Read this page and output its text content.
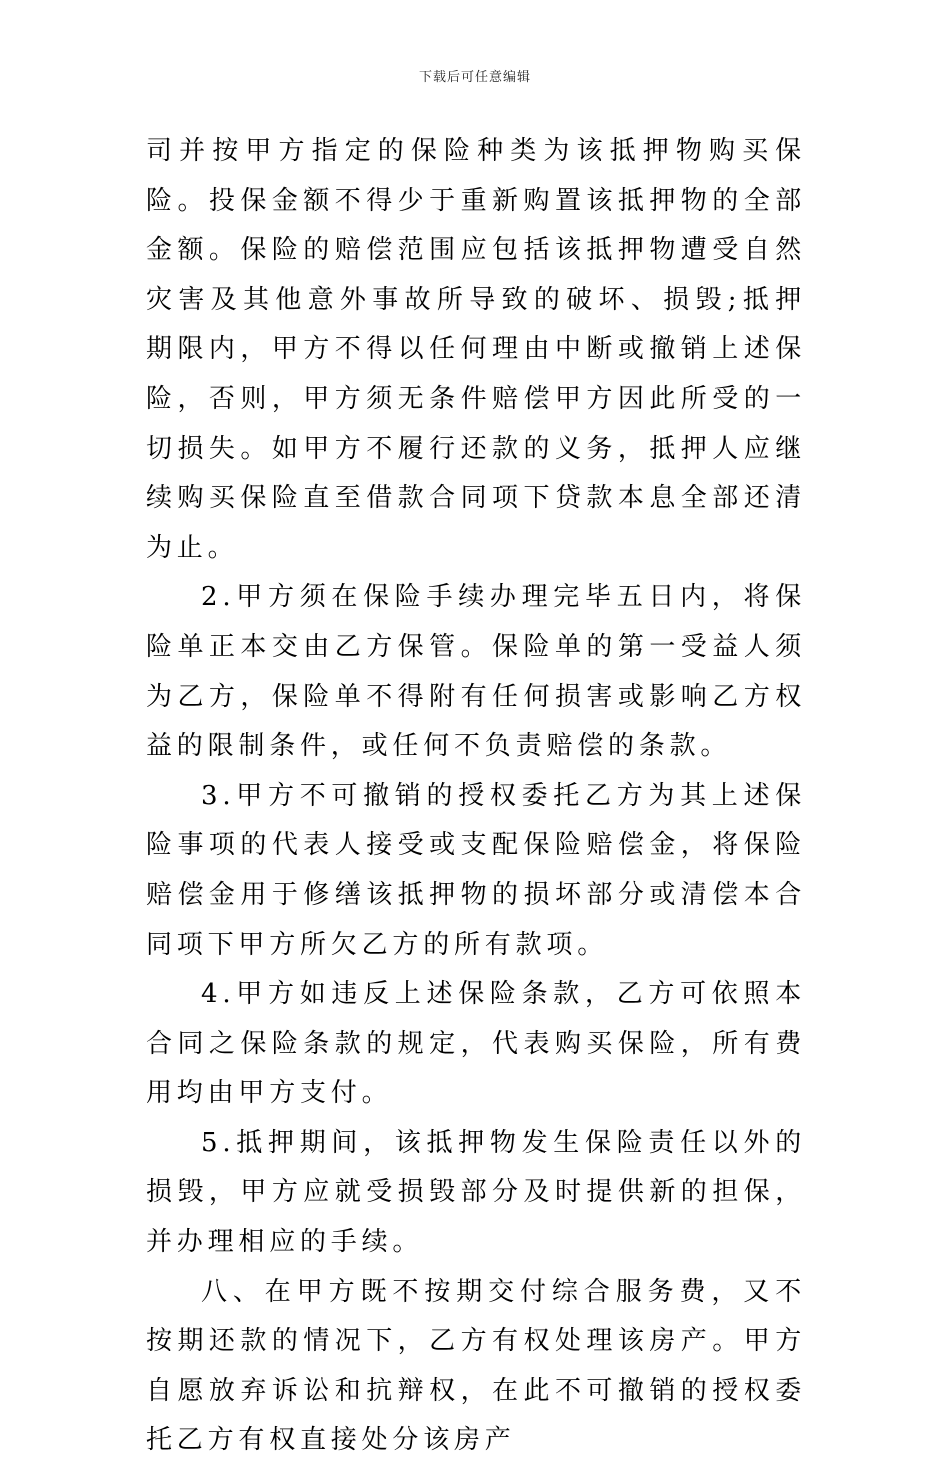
下载后可任意编辑

司并按甲方指定的保险种类为该抵押物购买保险。投保金额不得少于重新购置该抵押物的全部金额。保险的赔偿范围应包括该抵押物遭受自然灾害及其他意外事故所导致的破坏、损毁;抵押期限内，甲方不得以任何理由中断或撤销上述保险，否则，甲方须无条件赔偿甲方因此所受的一切损失。如甲方不履行还款的义务，抵押人应继续购买保险直至借款合同项下贷款本息全部还清为止。

2.甲方须在保险手续办理完毕五日内，将保险单正本交由乙方保管。保险单的第一受益人须为乙方，保险单不得附有任何损害或影响乙方权益的限制条件，或任何不负责赔偿的条款。

3.甲方不可撤销的授权委托乙方为其上述保险事项的代表人接受或支配保险赔偿金，将保险赔偿金用于修缮该抵押物的损坏部分或清偿本合同项下甲方所欠乙方的所有款项。

4.甲方如违反上述保险条款，乙方可依照本合同之保险条款的规定，代表购买保险，所有费用均由甲方支付。

5.抵押期间，该抵押物发生保险责任以外的损毁，甲方应就受损毁部分及时提供新的担保，并办理相应的手续。

八、在甲方既不按期交付综合服务费，又不按期还款的情况下，乙方有权处理该房产。甲方自愿放弃诉讼和抗辩权，在此不可撤销的授权委托乙方有权直接处分该房产
